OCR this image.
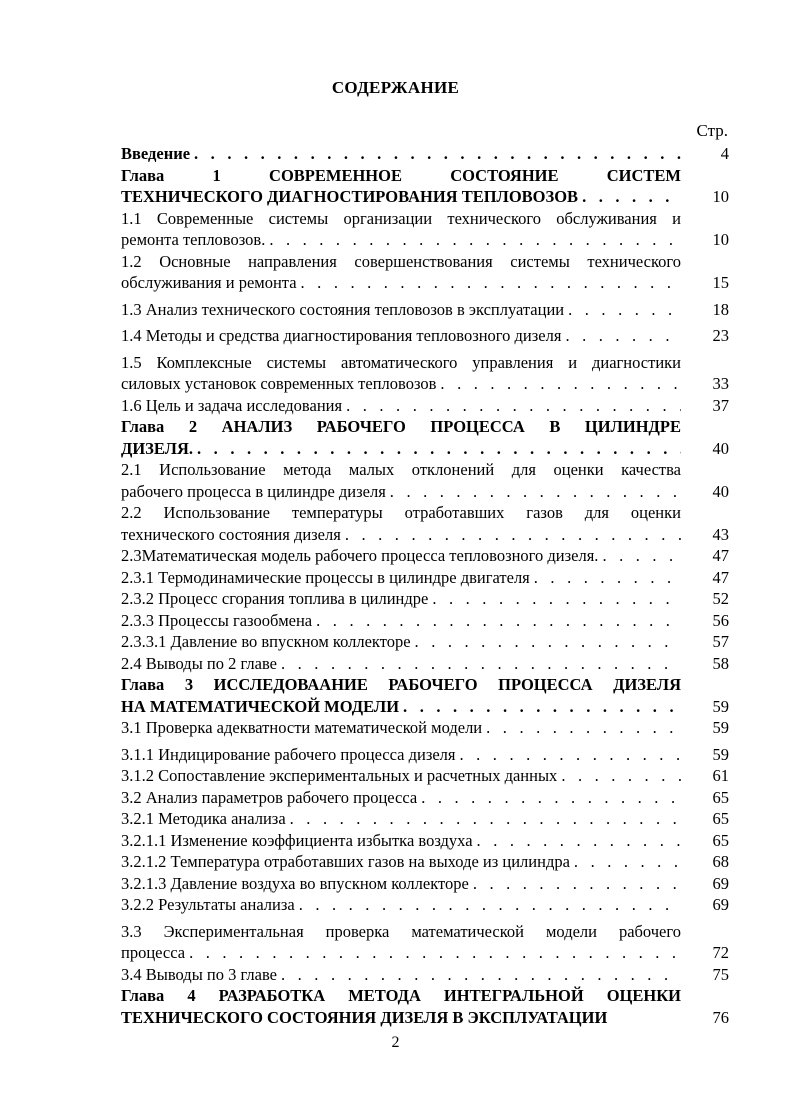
СОДЕРЖАНИЕ
Стр.
Введение . . .	4
Глава 1 СОВРЕМЕННОЕ СОСТОЯНИЕ СИСТЕМ
ТЕХНИЧЕСКОГО ДИАГНОСТИРОВАНИЯ ТЕПЛОВОЗОВ . . .	10
1.1 Современные системы организации технического обслуживания и
ремонта тепловозов. . . .	10
1.2 Основные направления совершенствования системы технического
обслуживания и ремонта . . .	15
1.3 Анализ технического состояния тепловозов в эксплуатации . . .	18
1.4 Методы и средства диагностирования тепловозного дизеля . . .	23
1.5 Комплексные системы автоматического управления и диагностики
силовых установок современных тепловозов . . .	33
1.6 Цель и задача исследования . . .	37
Глава 2 АНАЛИЗ РАБОЧЕГО ПРОЦЕССА В ЦИЛИНДРЕ
ДИЗЕЛЯ. . . .	40
2.1 Использование метода малых отклонений для оценки качества
рабочего процесса в цилиндре дизеля . . .	40
2.2 Использование температуры отработавших газов для оценки
технического состояния дизеля . . .	43
2.3Математическая модель рабочего процесса тепловозного дизеля. . . .	47
2.3.1 Термодинамические процессы в цилиндре двигателя . . .	47
2.3.2 Процесс сгорания топлива в цилиндре . . .	52
2.3.3 Процессы газообмена . . .	56
2.3.3.1 Давление во впускном коллекторе . . .	57
2.4 Выводы по 2 главе . . .	58
Глава 3 ИССЛЕДОВААНИЕ РАБОЧЕГО ПРОЦЕССА ДИЗЕЛЯ
НА МАТЕМАТИЧЕСКОЙ МОДЕЛИ . . .	59
3.1 Проверка адекватности математической модели . . .	59
3.1.1 Индицирование рабочего процесса дизеля . . .	59
3.1.2 Сопоставление экспериментальных и расчетных данных . . .	61
3.2 Анализ параметров рабочего процесса . . .	65
3.2.1 Методика анализа . . .	65
3.2.1.1 Изменение коэффициента избытка воздуха . . .	65
3.2.1.2 Температура отработавших газов на выходе из цилиндра . . .	68
3.2.1.3 Давление воздуха во впускном коллекторе . . .	69
3.2.2 Результаты анализа . . .	69
3.3 Экспериментальная проверка математической модели рабочего
процесса . . .	72
3.4 Выводы по 3 главе . . .	75
Глава 4 РАЗРАБОТКА МЕТОДА ИНТЕГРАЛЬНОЙ ОЦЕНКИ
ТЕХНИЧЕСКОГО СОСТОЯНИЯ ДИЗЕЛЯ В ЭКСПЛУАТАЦИИ	76
2
